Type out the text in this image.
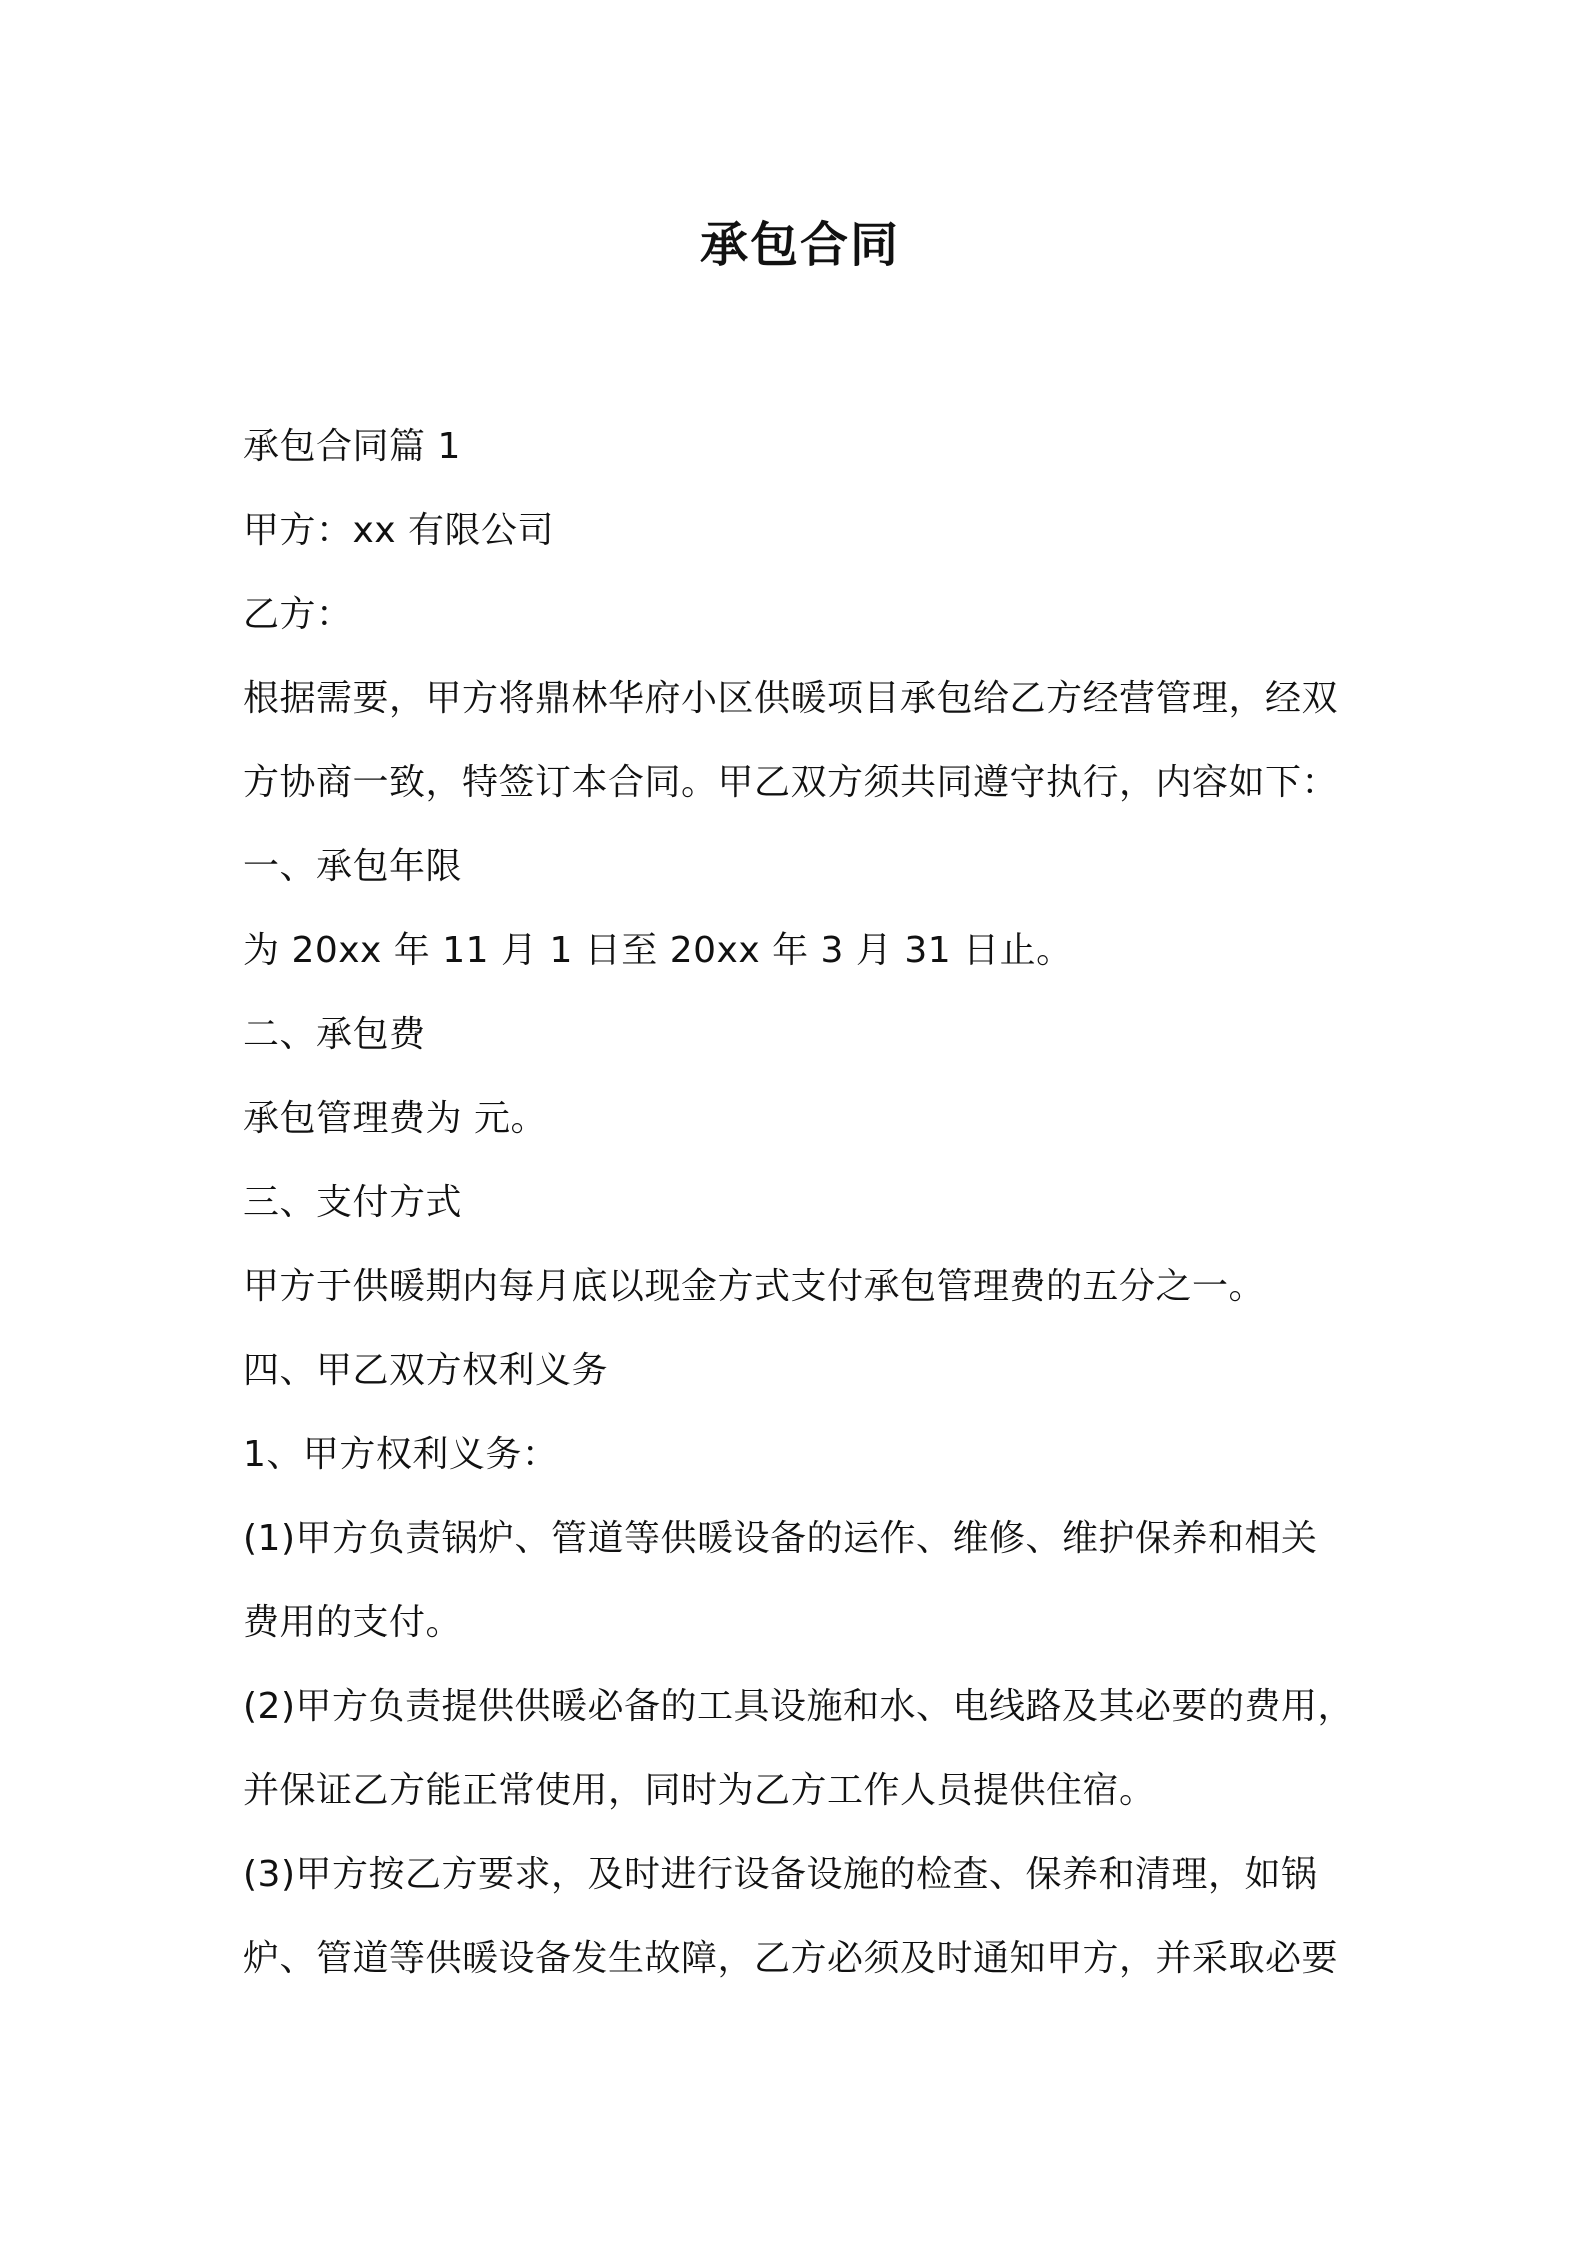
承包合同
承包合同篇 1
甲方：xx 有限公司
乙方：
根据需要，甲方将鼎林华府小区供暖项目承包给乙方经营管理，经双
方协商一致，特签订本合同。甲乙双方须共同遵守执行，内容如下：
一、承包年限
为 20xx 年 11 月 1 日至 20xx 年 3 月 31 日止。
二、承包费
承包管理费为 元。
三、支付方式
甲方于供暖期内每月底以现金方式支付承包管理费的五分之一。
四、甲乙双方权利义务
1、甲方权利义务：
(1)甲方负责锅炉、管道等供暖设备的运作、维修、维护保养和相关
费用的支付。
(2)甲方负责提供供暖必备的工具设施和水、电线路及其必要的费用，
并保证乙方能正常使用，同时为乙方工作人员提供住宿。
(3)甲方按乙方要求，及时进行设备设施的检查、保养和清理，如锅
炉、管道等供暖设备发生故障，乙方必须及时通知甲方，并采取必要
